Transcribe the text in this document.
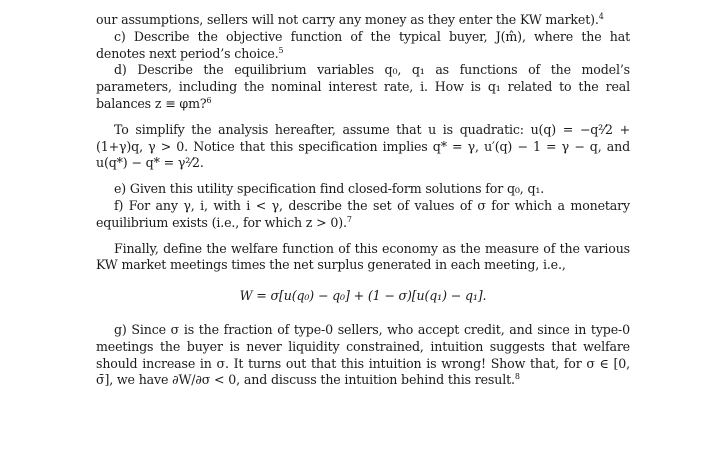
our assumptions, sellers will not carry any money as they enter the KW market).$^4$

c) Describe the objective function of the typical buyer, J(m̂), where the hat denotes next period’s choice.$^5$

d) Describe the equilibrium variables q₀, q₁ as functions of the model’s parameters, including the nominal interest rate, i. How is q₁ related to the real balances z ≡ φm?$^6$

To simplify the analysis hereafter, assume that u is quadratic: u(q) = −q²⁄2 + (1+γ)q, γ > 0. Notice that this specification implies q* = γ, u′(q) − 1 = γ − q, and u(q*) − q* = γ²⁄2.

e) Given this utility specification find closed-form solutions for q₀, q₁.

f) For any γ, i, with i < γ, describe the set of values of σ for which a monetary equilibrium exists (i.e., for which z > 0).$^7$

Finally, define the welfare function of this economy as the measure of the various KW market meetings times the net surplus generated in each meeting, i.e.,

W = σ[u(q₀) − q₀] + (1 − σ)[u(q₁) − q₁].

g) Since σ is the fraction of type-0 sellers, who accept credit, and since in type-0 meetings the buyer is never liquidity constrained, intuition suggests that welfare should increase in σ. It turns out that this intuition is wrong! Show that, for σ ∈ [0, σ̄], we have ∂W/∂σ < 0, and discuss the intuition behind this result.$^8$
